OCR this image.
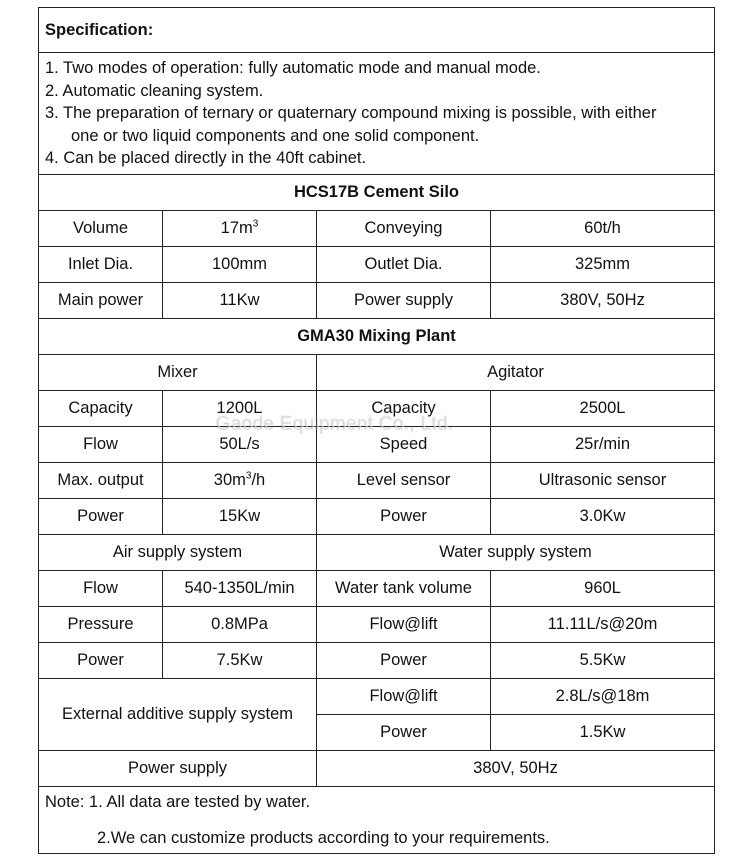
Specification:			

1. Two modes of operation: fully automatic mode and manual mode.
2. Automatic cleaning system.
3. The preparation of ternary or quaternary compound mixing is possible, with either
one or two liquid components and one solid component.
4. Can be placed directly in the 40ft cabinet.			

HCS17B Cement Silo			
Volume	$17m^3$	Conveying	60t/h
Inlet Dia.	100mm	Outlet Dia.	325mm
Main power	11Kw	Power supply	380V, 50Hz
GMA30 Mixing Plant			
Mixer		Agitator	
Capacity	1200L	Capacity	2500L
Flow	50L/s	Speed	25r/min
Max. output	$30m^3/h$	Level sensor	Ultrasonic sensor
Power	15Kw	Power	3.0Kw
Air supply system		Water supply system	
Flow	540-1350L/min	Water tank volume	960L
Pressure	0.8MPa	Flow@lift	11.11L/s@20m
Power	7.5Kw	Power	5.5Kw
External additive supply system		Flow@lift	2.8L/s@18m
		Power	1.5Kw
Power supply		380V, 50Hz	

Note: 1. All data are tested by water.
2.We can customize products according to your requirements.			
Gaode Equipment Co., Ltd.
